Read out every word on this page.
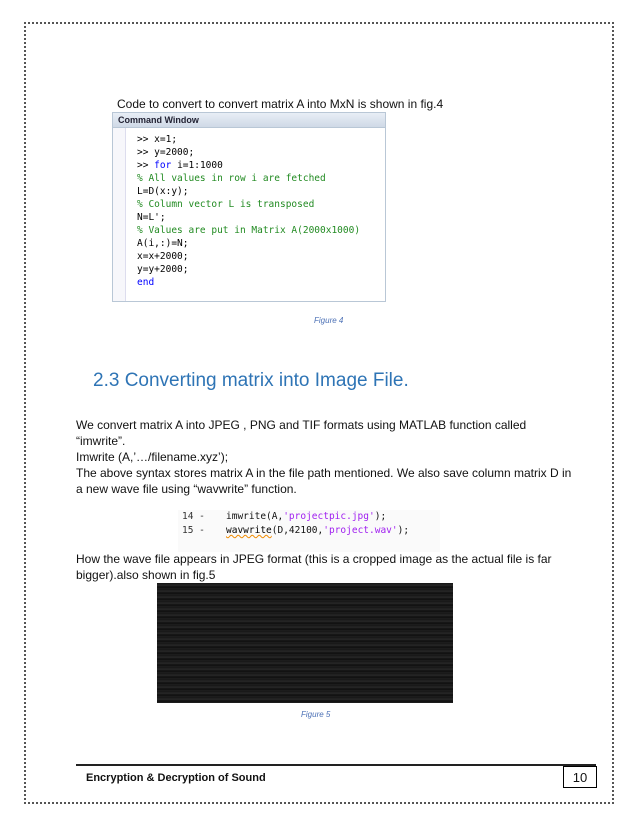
Code to convert to convert matrix A into MxN is shown in fig.4
Command Window
>> x=1;
>> y=2000;
>> for i=1:1000
% All values in row i are fetched
L=D(x:y);
% Column vector L is transposed
N=L';
% Values are put in Matrix A(2000x1000)
A(i,:)=N;
x=x+2000;
y=y+2000;
end
Figure 4
2.3 Converting matrix into Image File.

We convert matrix A into JPEG , PNG and TIF formats using MATLAB function called “imwrite”.

Imwrite (A,’…/filename.xyz’);

The above syntax stores matrix A in the file path mentioned. We also save column matrix D in a new wave file using “wavwrite” function.

14 - imwrite(A,'projectpic.jpg');
15 - wavwrite(D,42100,'project.wav');

How the wave file appears in JPEG format (this is a cropped image as the actual file is far bigger).also shown in fig.5

Figure 5
Encryption & Decryption of Sound	10
